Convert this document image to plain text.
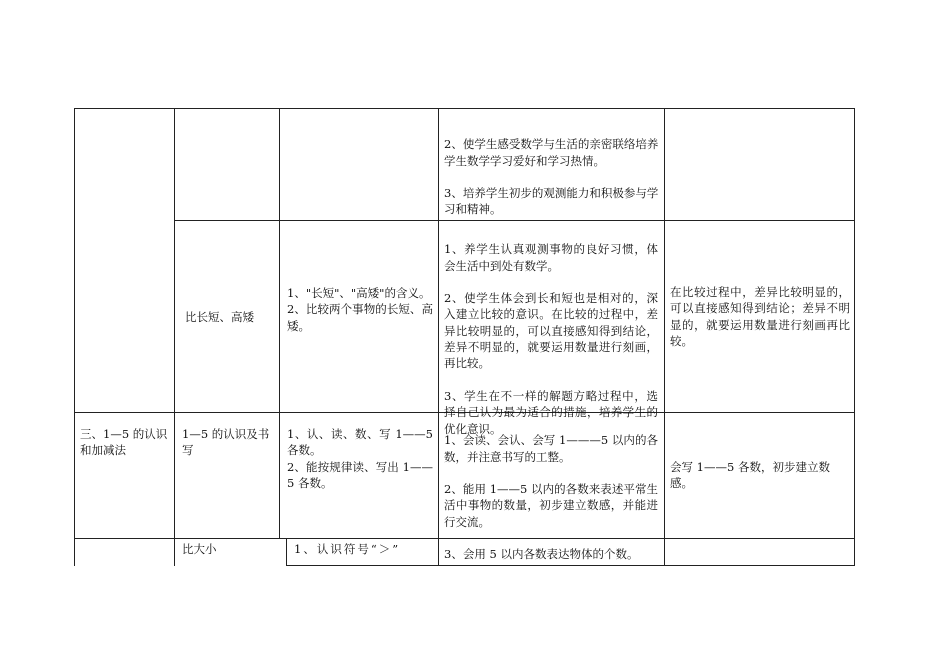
2、使学生感受数学与生活的亲密联络培养学生数学学习爱好和学习热情。

3、培养学生初步的观测能力和积极参与学习和精神。

比长短、高矮
1、"长短"、"高矮"的含义。
2、比较两个事物的长短、高矮。

1、养学生认真观测事物的良好习惯，体会生活中到处有数学。

2、使学生体会到长和短也是相对的，深入建立比较的意识。在比较的过程中，差异比较明显的，可以直接感知得到结论，差异不明显的，就要运用数量进行刻画，再比较。

3、学生在不一样的解题方略过程中，选择自己认为最为适合的措施，培养学生的优化意识。

在比较过程中，差异比较明显的，可以直接感知得到结论；差异不明显的，就要运用数量进行刻画再比较。
三、1—5 的认识和加减法
1—5 的认识及书写
1、认、读、数、写 1——5 各数。
2、能按规律读、写出 1——5 各数。

1、会读、会认、会写 1———5 以内的各数，并注意书写的工整。

2、能用 1——5 以内的各数来表述平常生活中事物的数量，初步建立数感，并能进行交流。

3、会用 5 以内各数表达物体的个数。

会写 1——5 各数，初步建立数感。
比大小	1、认识符号“＞”
